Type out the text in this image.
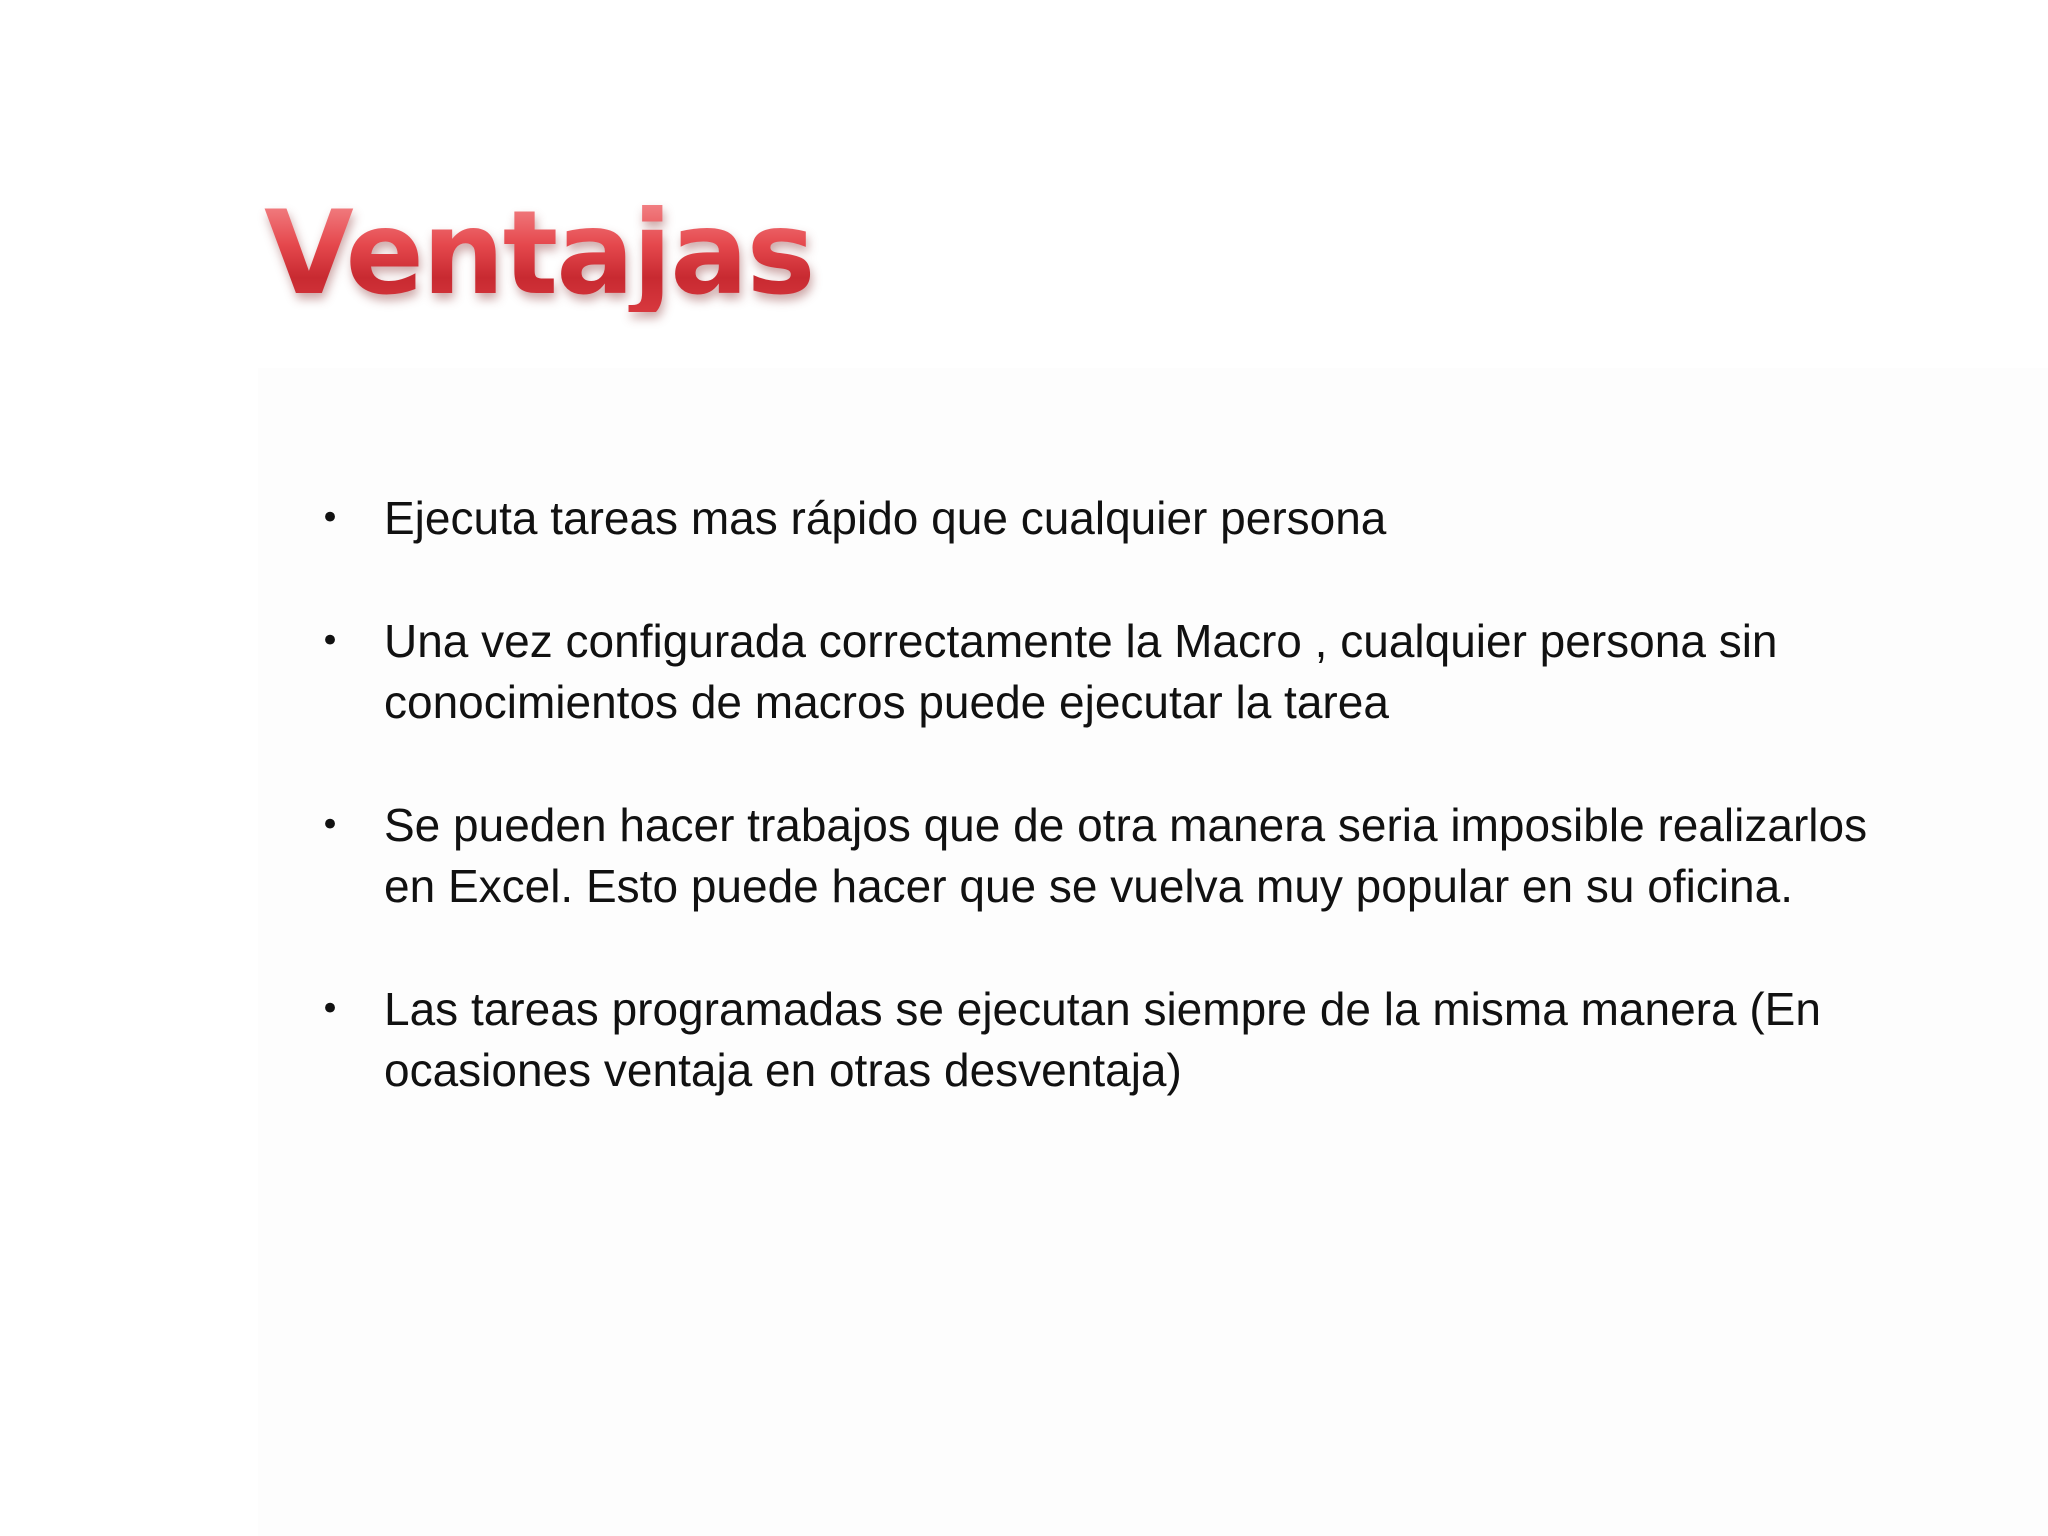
Ventajas
• Ejecuta tareas mas rápido que cualquier persona
• Una vez configurada correctamente la Macro , cualquier persona sin conocimientos de macros puede ejecutar la tarea
• Se pueden hacer trabajos que de otra manera seria imposible realizarlos en Excel. Esto puede hacer que se vuelva muy popular en su oficina.
• Las tareas programadas se ejecutan siempre de la misma manera (En ocasiones ventaja en otras desventaja)
